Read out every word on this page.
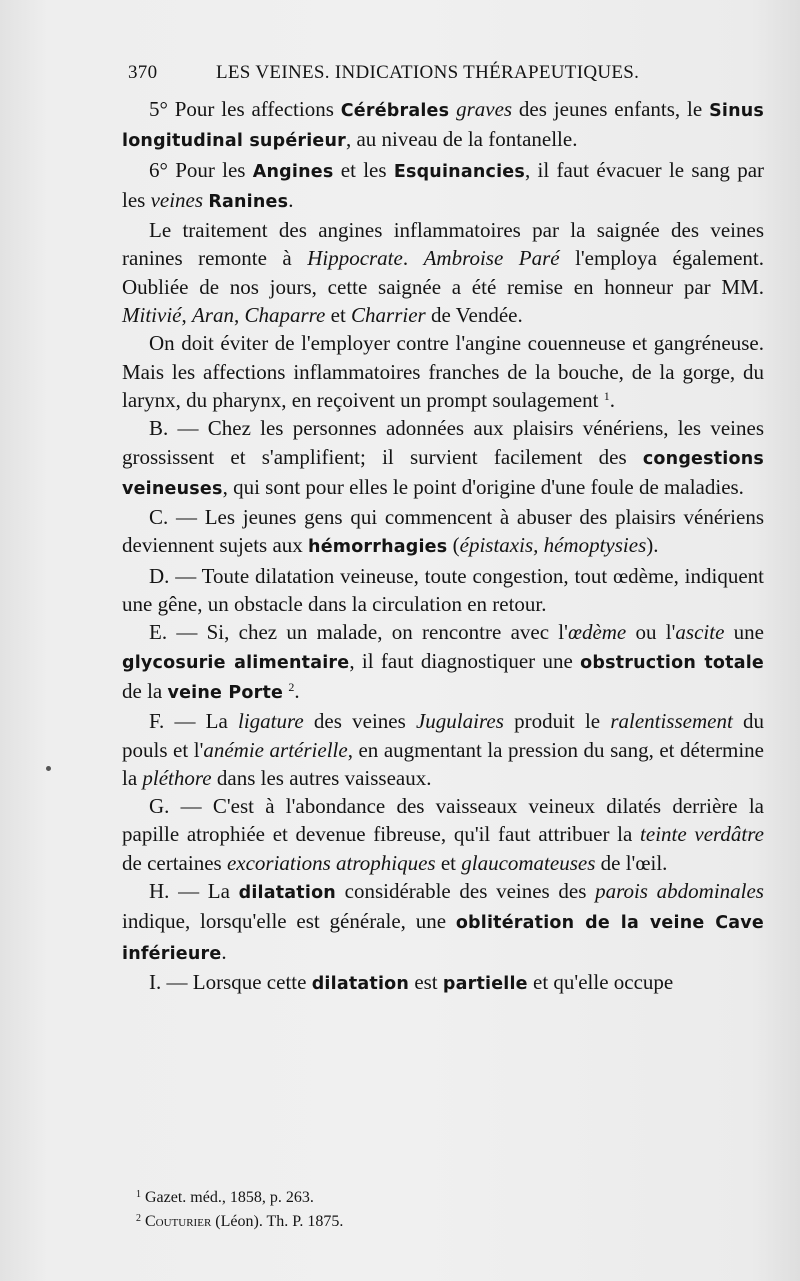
370	LES VEINES. INDICATIONS THÉRAPEUTIQUES.

5° Pour les affections Cérébrales graves des jeunes enfants, le Sinus longitudinal supérieur, au niveau de la fontanelle.

6° Pour les Angines et les Esquinancies, il faut évacuer le sang par les veines Ranines.

Le traitement des angines inflammatoires par la saignée des veines ranines remonte à Hippocrate. Ambroise Paré l'employa également. Oubliée de nos jours, cette saignée a été remise en honneur par MM. Mitivié, Aran, Chaparre et Charrier de Vendée.

On doit éviter de l'employer contre l'angine couenneuse et gangréneuse. Mais les affections inflammatoires franches de la bouche, de la gorge, du larynx, du pharynx, en reçoivent un prompt soulagement $^1$.

B. — Chez les personnes adonnées aux plaisirs vénériens, les veines grossissent et s'amplifient; il survient facilement des congestions veineuses, qui sont pour elles le point d'origine d'une foule de maladies.

C. — Les jeunes gens qui commencent à abuser des plaisirs vénériens deviennent sujets aux hémorrhagies (épistaxis, hémoptysies).

D. — Toute dilatation veineuse, toute congestion, tout œdème, indiquent une gêne, un obstacle dans la circulation en retour.

E. — Si, chez un malade, on rencontre avec l'œdème ou l'ascite une glycosurie alimentaire, il faut diagnostiquer une obstruction totale de la veine Porte $^2$.

F. — La ligature des veines Jugulaires produit le ralentissement du pouls et l'anémie artérielle, en augmentant la pression du sang, et détermine la pléthore dans les autres vaisseaux.

G. — C'est à l'abondance des vaisseaux veineux dilatés derrière la papille atrophiée et devenue fibreuse, qu'il faut attribuer la teinte verdâtre de certaines excoriations atrophiques et glaucomateuses de l'œil.

H. — La dilatation considérable des veines des parois abdominales indique, lorsqu'elle est générale, une oblitération de la veine Cave inférieure.

I. — Lorsque cette dilatation est partielle et qu'elle occupe

$^1$ Gazet. méd., 1858, p. 263.
$^2$ Couturier (Léon). Th. P. 1875.
